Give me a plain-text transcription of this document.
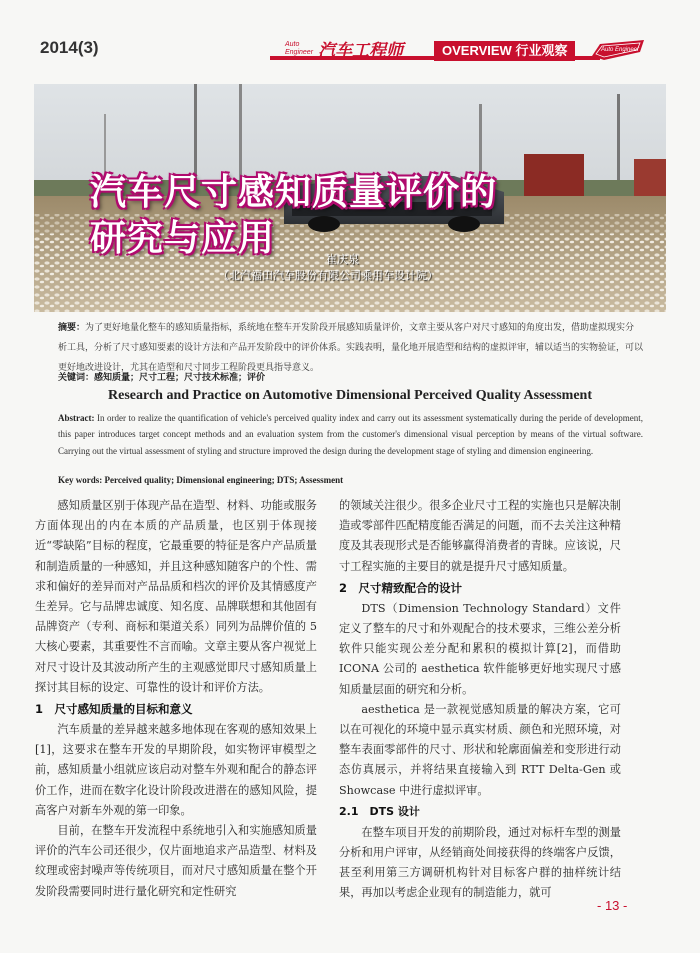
2014(3)	Auto
Engineer 汽车工程师	OVERVIEW 行业观察	Auto Engineer
汽车尺寸感知质量评价的
研究与应用
崔庆泉
（北汽福田汽车股份有限公司乘用车设计院）
摘要：为了更好地量化整车的感知质量指标，系统地在整车开发阶段开展感知质量评价，文章主要从客户对尺寸感知的角度出发，借助虚拟现实分析工具，分析了尺寸感知要素的设计方法和产品开发阶段中的评价体系。实践表明，量化地开展造型和结构的虚拟评审，辅以适当的实物验证，可以更好地改进设计，尤其在造型和尺寸同步工程阶段更具指导意义。
关键词：感知质量；尺寸工程；尺寸技术标准；评价
Research and Practice on Automotive Dimensional Perceived Quality Assessment
Abstract: In order to realize the quantification of vehicle's perceived quality index and carry out its assessment systematically during the peride of development, this paper introduces target concept methods and an evaluation system from the customer's dimensional visual perception by means of the virtual software. Carrying out the virtual assessment of styling and structure improved the design during the development stage of styling and dimension engineering.
Key words: Perceived quality; Dimensional engineering; DTS; Assessment

感知质量区别于体现产品在造型、材料、功能或服务方面体现出的内在本质的产品质量，也区别于体现接近“零缺陷”目标的程度，它最重要的特征是客户产品质量和制造质量的一种感知，并且这种感知随客户的个性、需求和偏好的差异而对产品品质和档次的评价及其情感度产生差异。它与品牌忠诚度、知名度、品牌联想和其他固有品牌资产（专利、商标和渠道关系）同列为品牌价值的 5 大核心要素，其重要性不言而喻。文章主要从客户视觉上对尺寸设计及其波动所产生的主观感觉即尺寸感知质量上探讨其目标的设定、可靠性的设计和评价方法。

1　尺寸感知质量的目标和意义

汽车质量的差异越来越多地体现在客观的感知效果上[1]，这要求在整车开发的早期阶段，如实物评审模型之前，感知质量小组就应该启动对整车外观和配合的静态评价工作，进而在数字化设计阶段改进潜在的感知风险，提高客户对新车外观的第一印象。

目前，在整车开发流程中系统地引入和实施感知质量评价的汽车公司还很少，仅片面地追求产品造型、材料及纹理或密封噪声等传统项目，而对尺寸感知质量在整个开发阶段需要同时进行量化研究和定性研究

的领域关注很少。很多企业尺寸工程的实施也只是解决制造或零部件匹配精度能否满足的问题，而不去关注这种精度及其表现形式是否能够赢得消费者的青睐。应该说，尺寸工程实施的主要目的就是提升尺寸感知质量。

2　尺寸精致配合的设计

DTS（Dimension Technology Standard）文件定义了整车的尺寸和外观配合的技术要求，三维公差分析软件只能实现公差分配和累积的模拟计算[2]，而借助 ICONA 公司的 aesthetica 软件能够更好地实现尺寸感知质量层面的研究和分析。

aesthetica 是一款视觉感知质量的解决方案，它可以在可视化的环境中显示真实材质、颜色和光照环境，对整车表面零部件的尺寸、形状和轮廓面偏差和变形进行动态仿真展示，并将结果直接输入到 RTT Delta-Gen 或 Showcase 中进行虚拟评审。

2.1　DTS 设计

在整车项目开发的前期阶段，通过对标杆车型的测量分析和用户评审，从经销商处间接获得的终端客户反馈，甚至利用第三方调研机构针对目标客户群的抽样统计结果，再加以考虑企业现有的制造能力，就可

- 13 -
